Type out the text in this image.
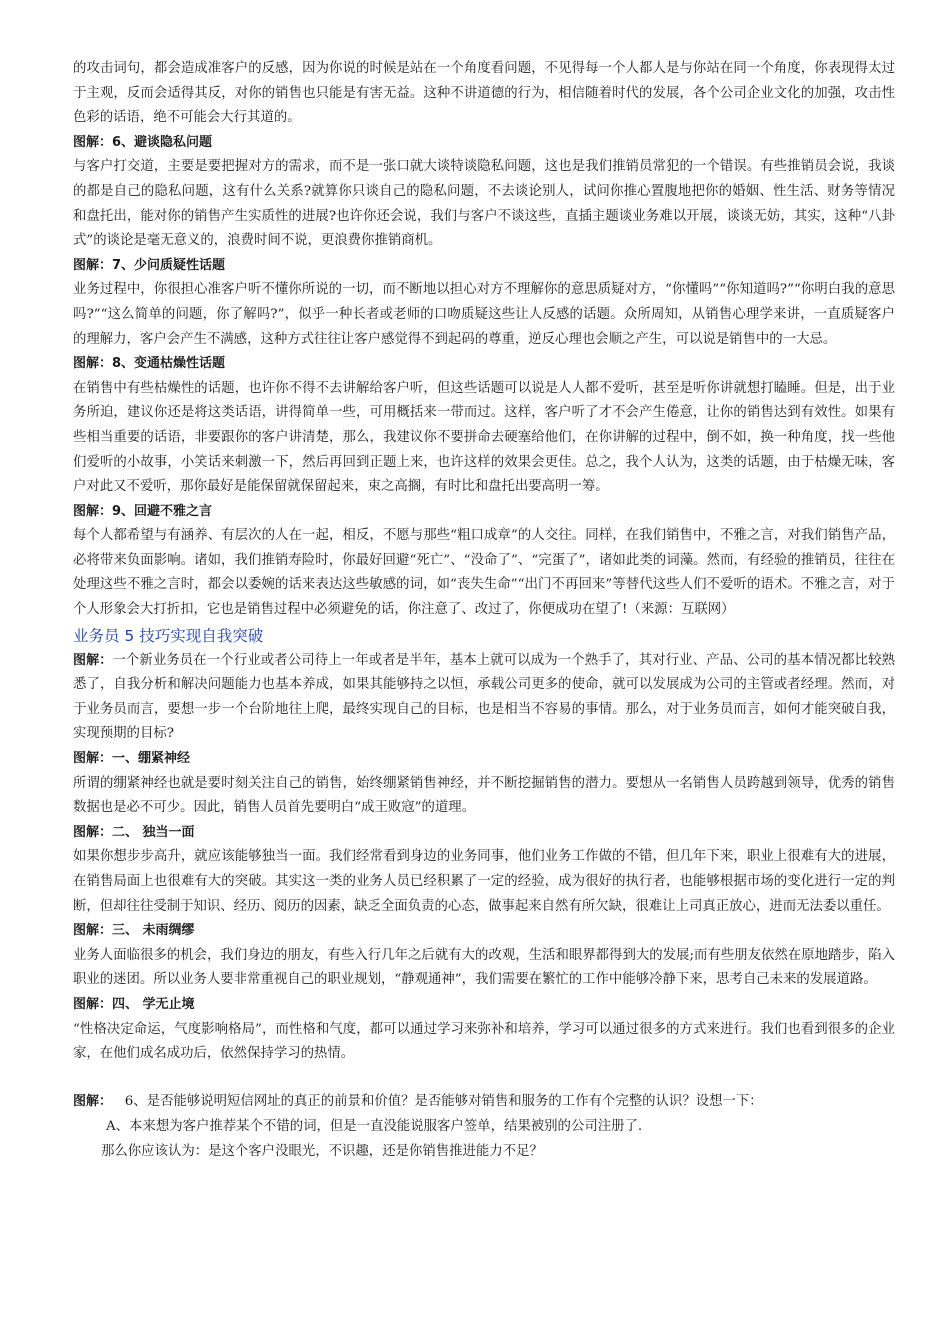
的攻击词句，都会造成准客户的反感，因为你说的时候是站在一个角度看问题，不见得每一个人都人是与你站在同一个角度，你表现得太过于主观，反而会适得其反，对你的销售也只能是有害无益。这种不讲道德的行为，相信随着时代的发展，各个公司企业文化的加强，攻击性色彩的话语，绝不可能会大行其道的。

图解：6、避谈隐私问题

与客户打交道，主要是要把握对方的需求，而不是一张口就大谈特谈隐私问题，这也是我们推销员常犯的一个错误。有些推销员会说，我谈的都是自己的隐私问题，这有什么关系?就算你只谈自己的隐私问题，不去谈论别人，试问你推心置腹地把你的婚姻、性生活、财务等情况和盘托出，能对你的销售产生实质性的进展?也许你还会说，我们与客户不谈这些，直插主题谈业务难以开展，谈谈无妨，其实，这种“八卦式”的谈论是毫无意义的，浪费时间不说，更浪费你推销商机。

图解：7、少问质疑性话题

业务过程中，你很担心准客户听不懂你所说的一切，而不断地以担心对方不理解你的意思质疑对方，“你懂吗”“你知道吗?”“你明白我的意思吗?”“这么简单的问题，你了解吗?”，似乎一种长者或老师的口吻质疑这些让人反感的话题。众所周知，从销售心理学来讲，一直质疑客户的理解力，客户会产生不满感，这种方式往往让客户感觉得不到起码的尊重，逆反心理也会顺之产生，可以说是销售中的一大忌。

图解：8、变通枯燥性话题

在销售中有些枯燥性的话题，也许你不得不去讲解给客户听，但这些话题可以说是人人都不爱听，甚至是听你讲就想打瞌睡。但是，出于业务所迫，建议你还是将这类话语，讲得简单一些，可用概括来一带而过。这样，客户听了才不会产生倦意，让你的销售达到有效性。如果有些相当重要的话语，非要跟你的客户讲清楚，那么，我建议你不要拼命去硬塞给他们，在你讲解的过程中，倒不如，换一种角度，找一些他们爱听的小故事，小笑话来刺激一下，然后再回到正题上来，也许这样的效果会更佳。总之，我个人认为，这类的话题，由于枯燥无味，客户对此又不爱听，那你最好是能保留就保留起来，束之高搁，有时比和盘托出要高明一筹。

图解：9、回避不雅之言

每个人都希望与有涵养、有层次的人在一起，相反，不愿与那些“粗口成章”的人交往。同样，在我们销售中，不雅之言，对我们销售产品，必将带来负面影响。诸如，我们推销寿险时，你最好回避“死亡”、“没命了”、“完蛋了”，诸如此类的词藻。然而，有经验的推销员，往往在处理这些不雅之言时，都会以委婉的话来表达这些敏感的词，如“丧失生命”“出门不再回来”等替代这些人们不爱听的语术。不雅之言，对于个人形象会大打折扣，它也是销售过程中必须避免的话，你注意了、改过了，你便成功在望了!（来源：互联网）

业务员 5 技巧实现自我突破

图解：一个新业务员在一个行业或者公司待上一年或者是半年，基本上就可以成为一个熟手了，其对行业、产品、公司的基本情况都比较熟悉了，自我分析和解决问题能力也基本养成，如果其能够持之以恒，承载公司更多的使命，就可以发展成为公司的主管或者经理。然而，对于业务员而言，要想一步一个台阶地往上爬，最终实现自己的目标，也是相当不容易的事情。那么，对于业务员而言，如何才能突破自我，实现预期的目标?

图解：一、绷紧神经

所谓的绷紧神经也就是要时刻关注自己的销售，始终绷紧销售神经，并不断挖掘销售的潜力。要想从一名销售人员跨越到领导，优秀的销售数据也是必不可少。因此，销售人员首先要明白“成王败寇”的道理。

图解：二、 独当一面

如果你想步步高升，就应该能够独当一面。我们经常看到身边的业务同事，他们业务工作做的不错，但几年下来，职业上很难有大的进展，在销售局面上也很难有大的突破。其实这一类的业务人员已经积累了一定的经验，成为很好的执行者，也能够根据市场的变化进行一定的判断，但却往往受制于知识、经历、阅历的因素，缺乏全面负责的心态，做事起来自然有所欠缺，很难让上司真正放心，进而无法委以重任。

图解：三、 未雨绸缪

业务人面临很多的机会，我们身边的朋友，有些入行几年之后就有大的改观，生活和眼界都得到大的发展;而有些朋友依然在原地踏步，陷入职业的迷团。所以业务人要非常重视自己的职业规划，“静观通神”，我们需要在繁忙的工作中能够冷静下来，思考自己未来的发展道路。

图解：四、 学无止境

“性格决定命运，气度影响格局”，而性格和气度，都可以通过学习来弥补和培养，学习可以通过很多的方式来进行。我们也看到很多的企业家，在他们成名成功后，依然保持学习的热情。

图解：   6、是否能够说明短信网址的真正的前景和价值？是否能够对销售和服务的工作有个完整的认识？设想一下：

A、本来想为客户推荐某个不错的词，但是一直没能说服客户签单，结果被别的公司注册了.

那么你应该认为：是这个客户没眼光，不识趣，还是你销售推进能力不足？
